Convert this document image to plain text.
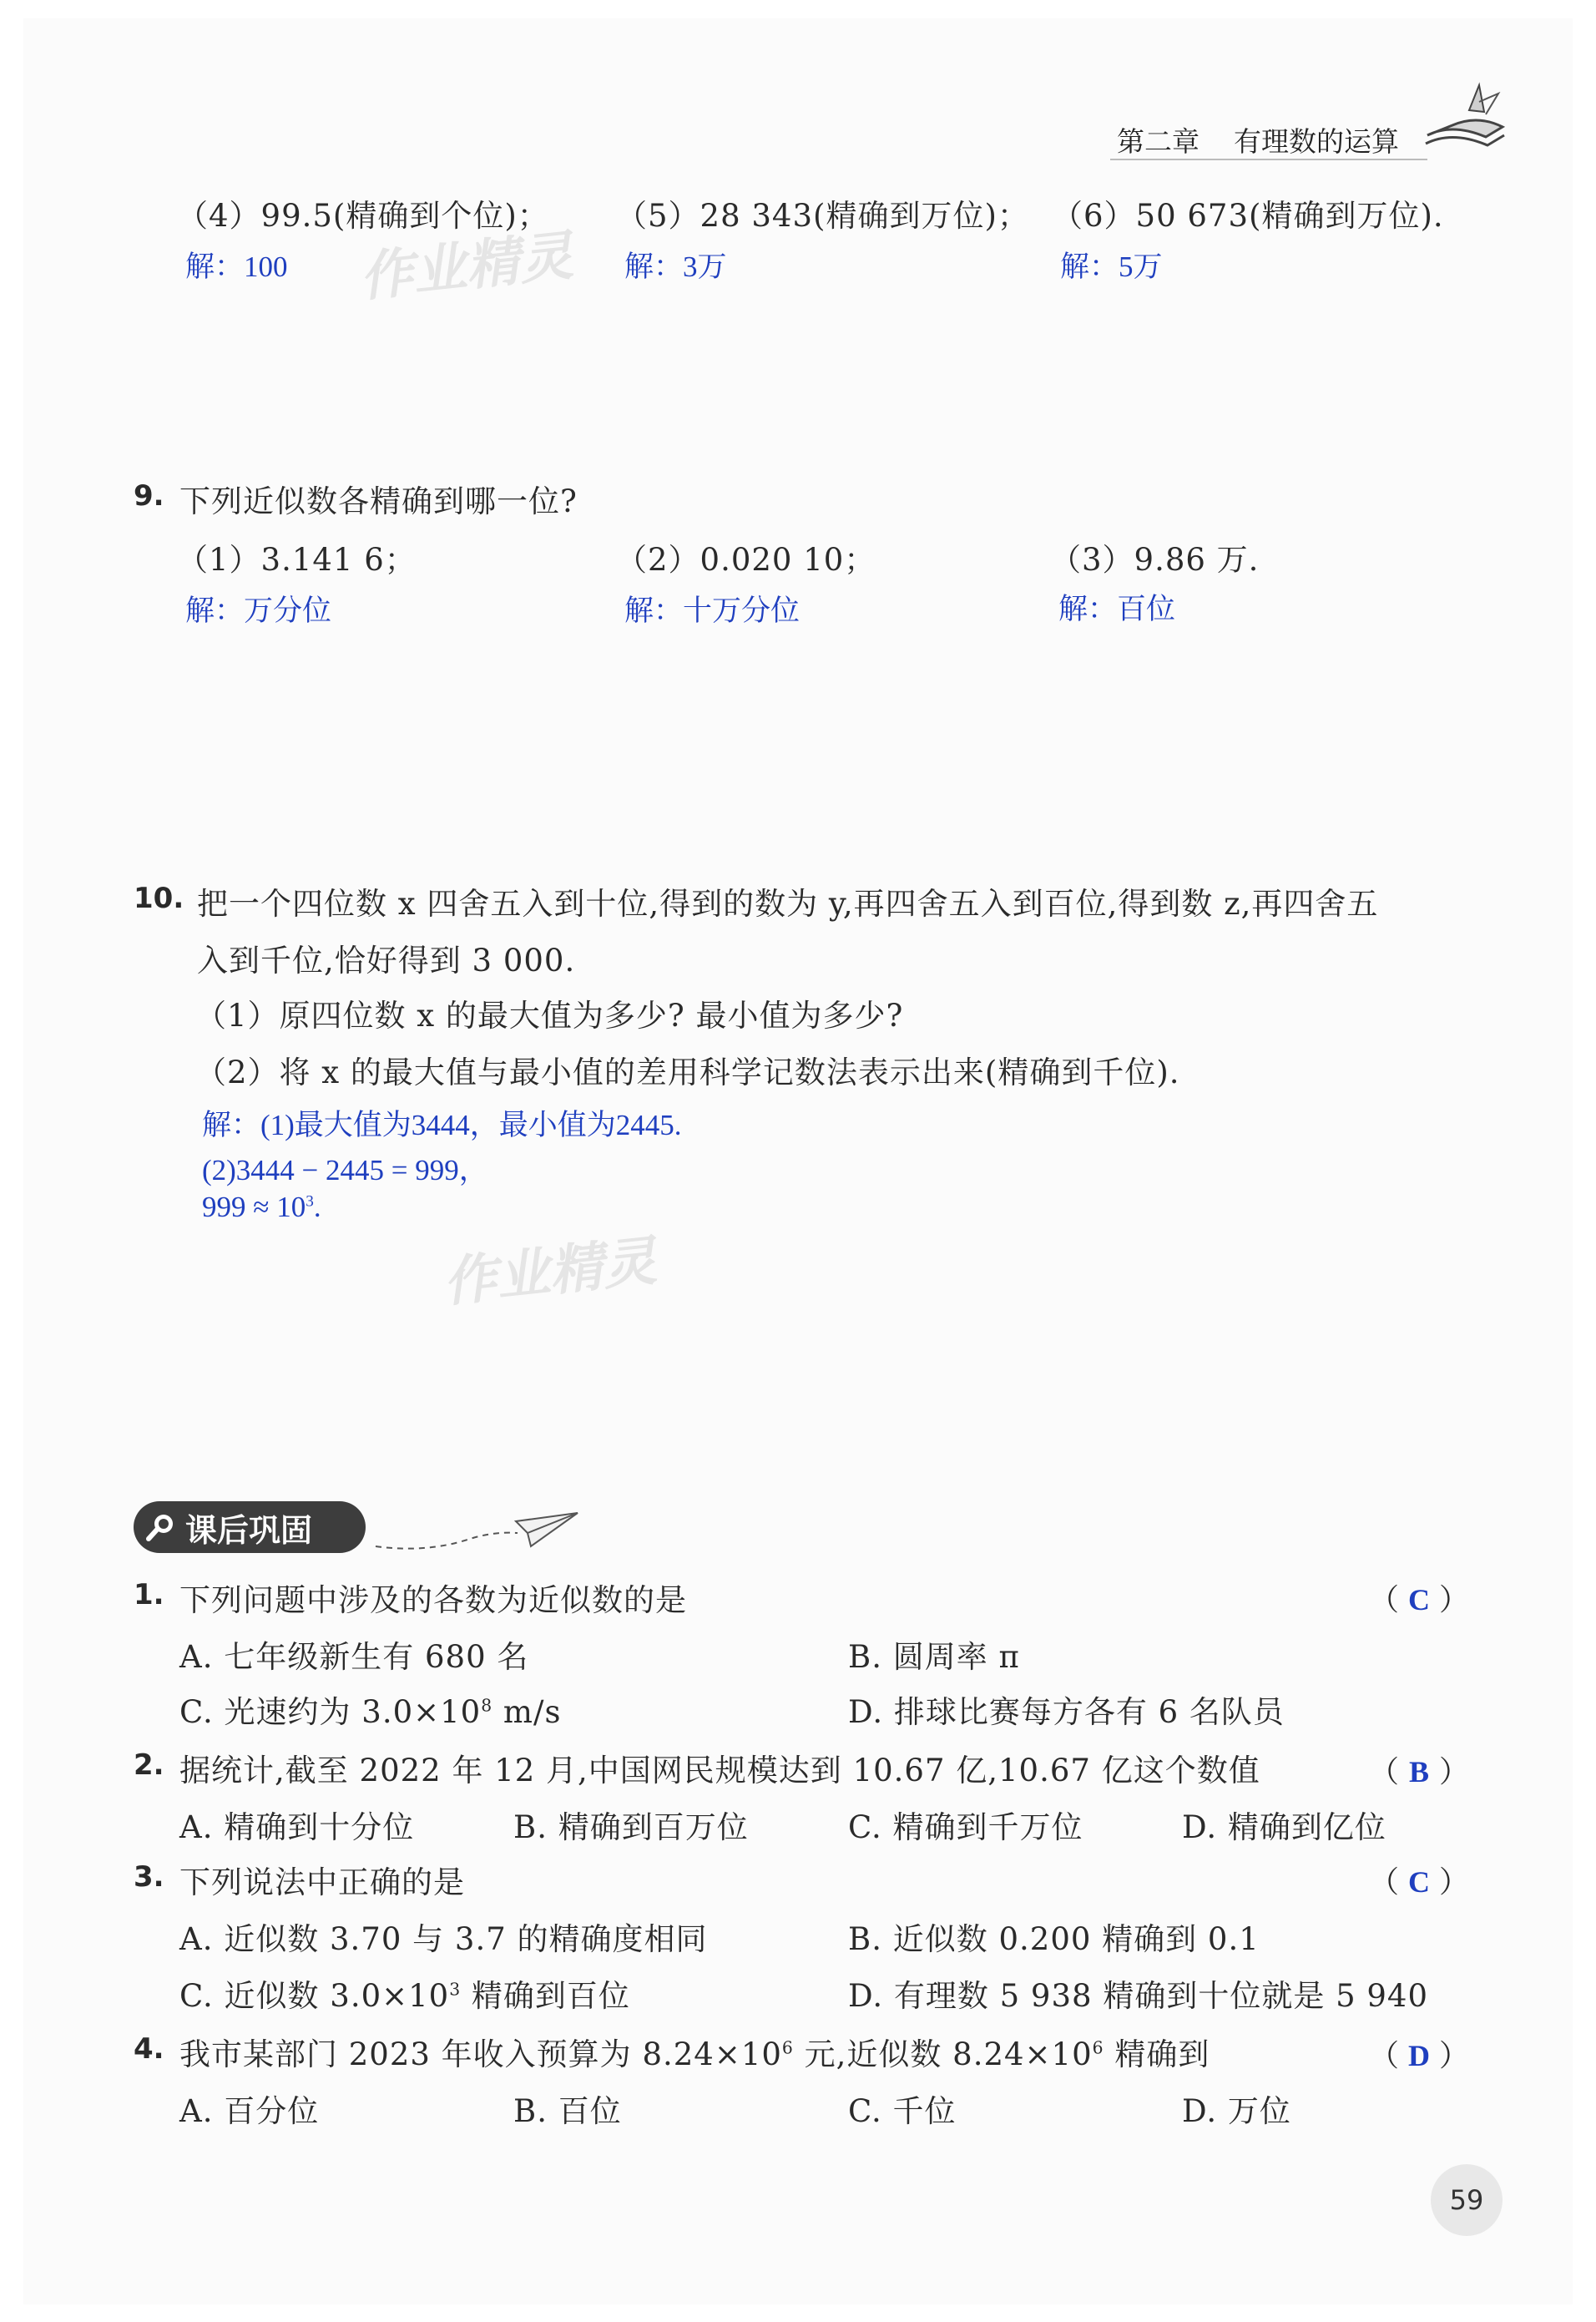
第二章 有理数的运算
（4）99.5(精确到个位)； （5）28 343(精确到万位)； （6）50 673(精确到万位).
解：100	解：3万	解：5万
作业精灵
9. 下列近似数各精确到哪一位?
（1）3.141 6；	（2）0.020 10；	（3）9.86 万.
解：万分位	解：十万分位	解：百位
10. 把一个四位数 x 四舍五入到十位,得到的数为 y,再四舍五入到百位,得到数 z,再四舍五
入到千位,恰好得到 3 000.
（1）原四位数 x 的最大值为多少? 最小值为多少?
（2）将 x 的最大值与最小值的差用科学记数法表示出来(精确到千位).
解：(1)最大值为3444，最小值为2445.
(2)3444 − 2445 = 999，
$999 \approx 10^3$.
作业精灵
课后巩固
1. 下列问题中涉及的各数为近似数的是	（ C ）
A. 七年级新生有 680 名	B. 圆周率 π
C. 光速约为 $3.0\times 10^8$ m/s	D. 排球比赛每方各有 6 名队员
2. 据统计,截至 2022 年 12 月,中国网民规模达到 10.67 亿,10.67 亿这个数值	（ B ）
A. 精确到十分位	B. 精确到百万位	C. 精确到千万位	D. 精确到亿位
3. 下列说法中正确的是	（ C ）
A. 近似数 3.70 与 3.7 的精确度相同	B. 近似数 0.200 精确到 0.1
C. 近似数 $3.0\times 10^3$ 精确到百位	D. 有理数 5 938 精确到十位就是 5 940
4. 我市某部门 2023 年收入预算为 $8.24\times 10^6$ 元,近似数 $8.24\times 10^6$ 精确到	（ D ）
A. 百分位	B. 百位	C. 千位	D. 万位
59
